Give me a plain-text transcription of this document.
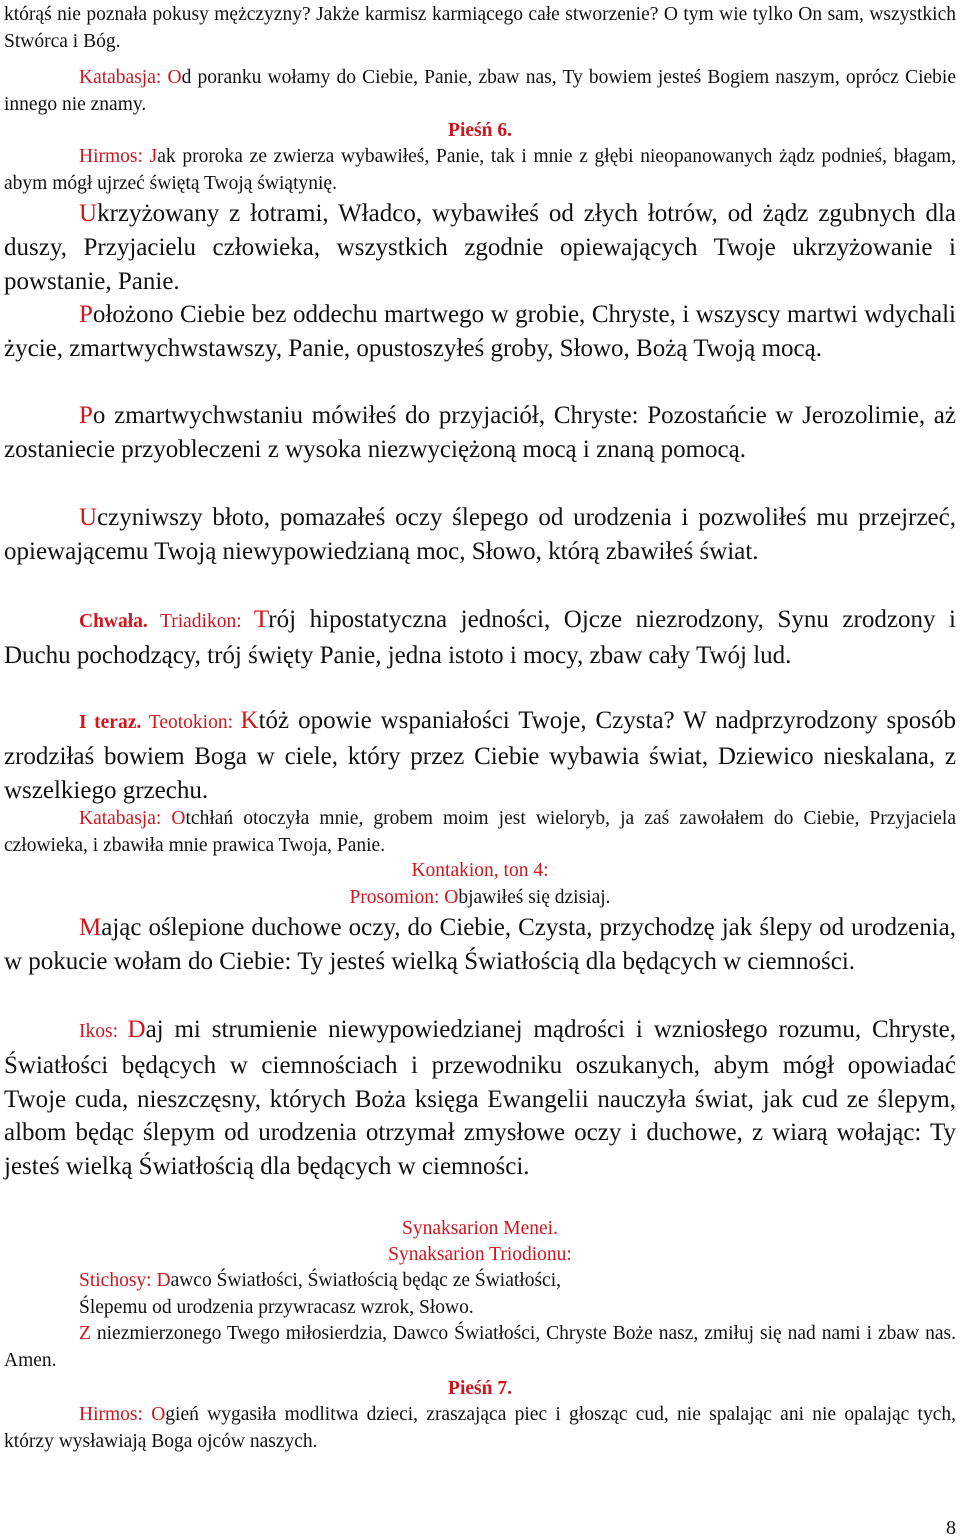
którąś nie poznała pokusy mężczyzny? Jakże karmisz karmiącego całe stworzenie? O tym wie tylko On sam, wszystkich Stwórca i Bóg.

Katabasja: Od poranku wołamy do Ciebie, Panie, zbaw nas, Ty bowiem jesteś Bogiem naszym, oprócz Ciebie innego nie znamy.

Pieśń 6.

Hirmos: Jak proroka ze zwierza wybawiłeś, Panie, tak i mnie z głębi nieopanowanych żądz podnieś, błagam, abym mógł ujrzeć świętą Twoją świątynię.

Ukrzyżowany z łotrami, Władco, wybawiłeś od złych łotrów, od żądz zgubnych dla duszy, Przyjacielu człowieka, wszystkich zgodnie opiewających Twoje ukrzyżowanie i powstanie, Panie.

Położono Ciebie bez oddechu martwego w grobie, Chryste, i wszyscy martwi wdychali życie, zmartwychwstawszy, Panie, opustoszyłeś groby, Słowo, Bożą Twoją mocą.

Po zmartwychwstaniu mówiłeś do przyjaciół, Chryste: Pozostańcie w Jerozolimie, aż zostaniecie przyobleczeni z wysoka niezwyciężoną mocą i znaną pomocą.

Uczyniwszy błoto, pomazałeś oczy ślepego od urodzenia i pozwoliłeś mu przejrzeć, opiewającemu Twoją niewypowiedzianą moc, Słowo, którą zbawiłeś świat.

Chwała. Triadikon: Trój hipostatyczna jedności, Ojcze niezrodzony, Synu zrodzony i Duchu pochodzący, trój święty Panie, jedna istoto i mocy, zbaw cały Twój lud.

I teraz. Teotokion: Któż opowie wspaniałości Twoje, Czysta? W nadprzyrodzony sposób zrodziłaś bowiem Boga w ciele, który przez Ciebie wybawia świat, Dziewico nieskalana, z wszelkiego grzechu.

Katabasja: Otchłań otoczyła mnie, grobem moim jest wieloryb, ja zaś zawołałem do Ciebie, Przyjaciela człowieka, i zbawiła mnie prawica Twoja, Panie.

Kontakion, ton 4:

Prosomion: Objawiłeś się dzisiaj.

Mając oślepione duchowe oczy, do Ciebie, Czysta, przychodzę jak ślepy od urodzenia, w pokucie wołam do Ciebie: Ty jesteś wielką Światłością dla będących w ciemności.

Ikos: Daj mi strumienie niewypowiedzianej mądrości i wzniosłego rozumu, Chryste, Światłości będących w ciemnościach i przewodniku oszukanych, abym mógł opowiadać Twoje cuda, nieszczęsny, których Boża księga Ewangelii nauczyła świat, jak cud ze ślepym, albom będąc ślepym od urodzenia otrzymał zmysłowe oczy i duchowe, z wiarą wołając: Ty jesteś wielką Światłością dla będących w ciemności.

Synaksarion Menei.

Synaksarion Triodionu:

Stichosy: Dawco Światłości, Światłością będąc ze Światłości,

Ślepemu od urodzenia przywracasz wzrok, Słowo.

Z niezmierzonego Twego miłosierdzia, Dawco Światłości, Chryste Boże nasz, zmiłuj się nad nami i zbaw nas. Amen.

Pieśń 7.

Hirmos: Ogień wygasiła modlitwa dzieci, zraszająca piec i głosząc cud, nie spalając ani nie opalając tych, którzy wysławiają Boga ojców naszych.

8
